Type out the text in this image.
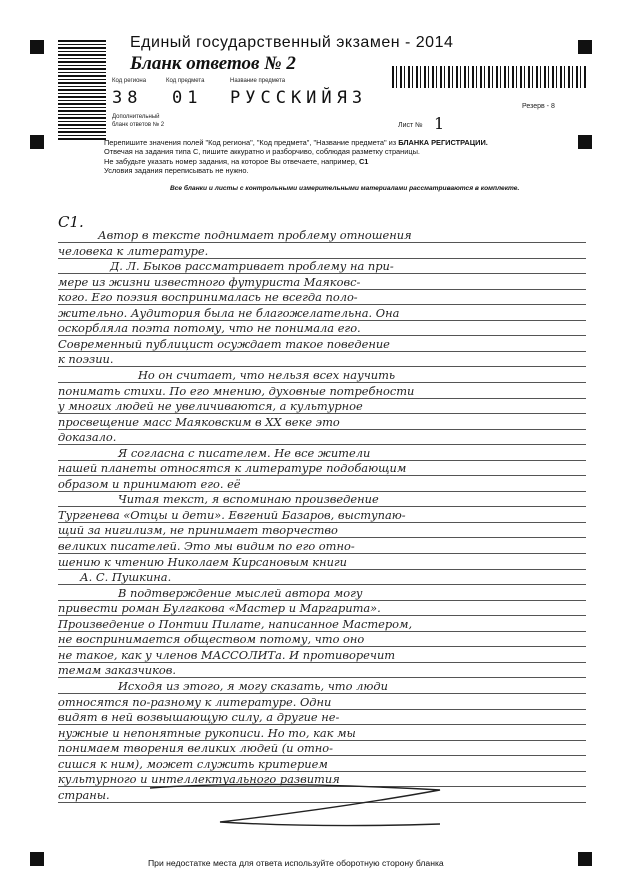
Единый государственный экзамен - 2014
Бланк ответов № 2
Код региона	Код предмета	Название предмета
38 01 РУССКИЙЯЗ	Резерв - 8
Дополнительный
бланк ответов № 2	Лист № 1
Перепишите значения полей "Код региона", "Код предмета", "Название предмета" из БЛАНКА РЕГИСТРАЦИИ.
Отвечая на задания типа С, пишите аккуратно и разборчиво, соблюдая разметку страницы.
Не забудьте указать номер задания, на которое Вы отвечаете, например, С1
Условия задания переписывать не нужно.
Все бланки и листы с контрольными измерительными материалами рассматриваются в комплекте.
С1.
Автор в тексте поднимает проблему отношения
человека к литературе.
Д. Л. Быков рассматривает проблему на при-
мере из жизни известного футуриста Маяковс-
кого. Его поэзия воспринималась не всегда поло-
жительно. Аудитория была не благожелательна. Она
оскорбляла поэта потому, что не понимала его.
Современный публицист осуждает такое поведение
к поэзии.
Но он считает, что нельзя всех научить
понимать стихи. По его мнению, духовные потребности
у многих людей не увеличиваются, а культурное
просвещение масс Маяковским в XX веке это
доказало.
Я согласна с писателем. Не все жители
нашей планеты относятся к литературе подобающим
образом и принимают его. её
Читая текст, я вспоминаю произведение
Тургенева «Отцы и дети». Евгений Базаров, выступаю-
щий за нигилизм, не принимает творчество
великих писателей. Это мы видим по его отно-
шению к чтению Николаем Кирсановым книги
А. С. Пушкина.
В подтверждение мыслей автора могу
привести роман Булгакова «Мастер и Маргарита».
Произведение о Понтии Пилате, написанное Мастером,
не воспринимается обществом потому, что оно
не такое, как у членов МАССОЛИТа. И противоречит
темам заказчиков.
Исходя из этого, я могу сказать, что люди
относятся по-разному к литературе. Одни
видят в ней возвышающую силу, а другие не-
нужные и непонятные рукописи. Но то, как мы
понимаем творения великих людей (и отно-
сишся к ним), может служить критерием
культурного и интеллектуального развития
страны.
При недостатке места для ответа используйте оборотную сторону бланка
